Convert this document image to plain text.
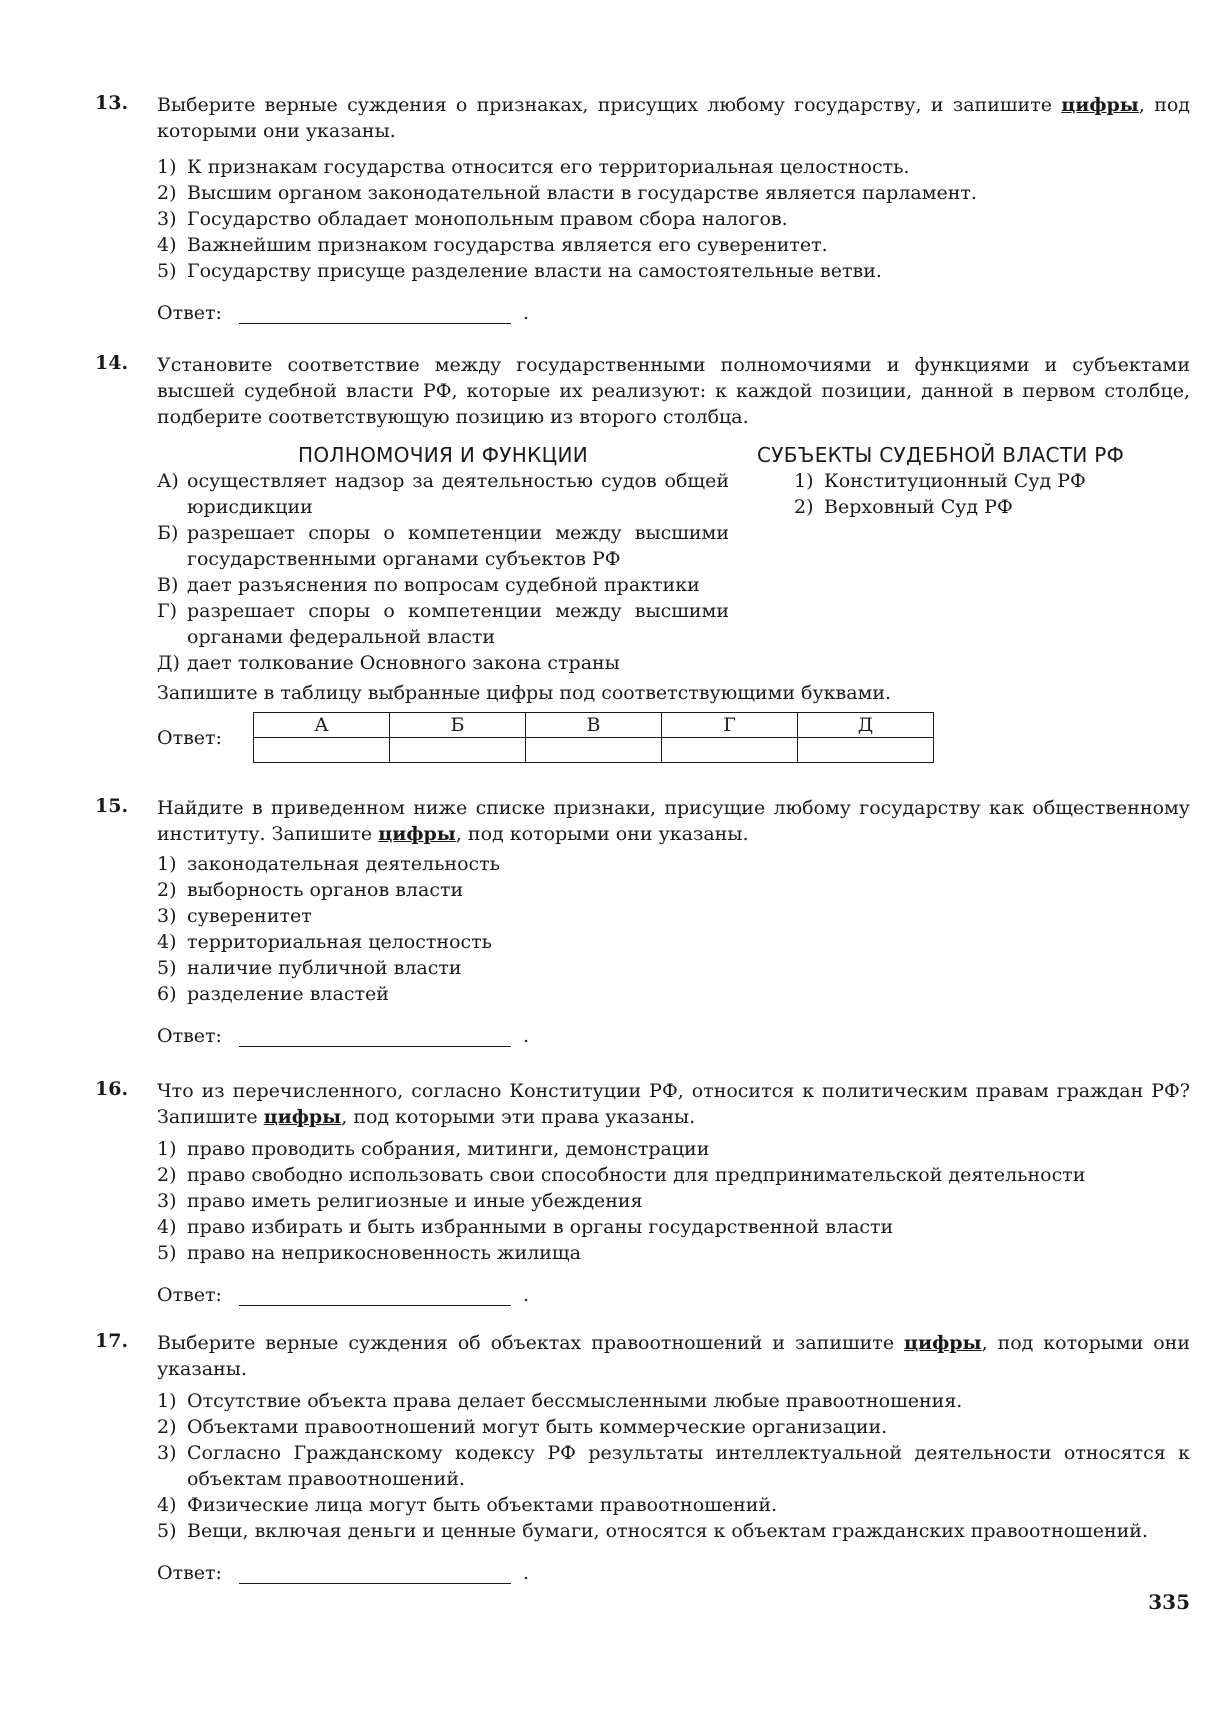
13. Выберите верные суждения о признаках, присущих любому государству, и запишите цифры, под которыми они указаны.

1) К признакам государства относится его территориальная целостность.
2) Высшим органом законодательной власти в государстве является парламент.
3) Государство обладает монопольным правом сбора налогов.
4) Важнейшим признаком государства является его суверенитет.
5) Государству присуще разделение власти на самостоятельные ветви.
Ответ:	.
14. Установите соответствие между государственными полномочиями и функциями и субъектами высшей судебной власти РФ, которые их реализуют: к каждой позиции, данной в первом столбце, подберите соответствующую позицию из второго столбца.

ПОЛНОМОЧИЯ И ФУНКЦИИ
А) осуществляет надзор за деятельностью судов общей юрисдикции
Б) разрешает споры о компетенции между высшими государственными органами субъектов РФ
В) дает разъяснения по вопросам судебной практики
Г) разрешает споры о компетенции между высшими органами федеральной власти
Д) дает толкование Основного закона страны
СУБЪЕКТЫ СУДЕБНОЙ ВЛАСТИ РФ
1) Конституционный Суд РФ
2) Верховный Суд РФ
Запишите в таблицу выбранные цифры под соответствующими буквами.
Ответ:
А	Б	В	Г	Д

15. Найдите в приведенном ниже списке признаки, присущие любому государству как общественному институту. Запишите цифры, под которыми они указаны.

1) законодательная деятельность
2) выборность органов власти
3) суверенитет
4) территориальная целостность
5) наличие публичной власти
6) разделение властей
Ответ:	.
16. Что из перечисленного, согласно Конституции РФ, относится к политическим правам граждан РФ? Запишите цифры, под которыми эти права указаны.

1) право проводить собрания, митинги, демонстрации
2) право свободно использовать свои способности для предпринимательской деятельности
3) право иметь религиозные и иные убеждения
4) право избирать и быть избранными в органы государственной власти
5) право на неприкосновенность жилища
Ответ:	.
17. Выберите верные суждения об объектах правоотношений и запишите цифры, под которыми они указаны.

1) Отсутствие объекта права делает бессмысленными любые правоотношения.
2) Объектами правоотношений могут быть коммерческие организации.
3) Согласно Гражданскому кодексу РФ результаты интеллектуальной деятельности относятся к объектам правоотношений.
4) Физические лица могут быть объектами правоотношений.
5) Вещи, включая деньги и ценные бумаги, относятся к объектам гражданских правоотношений.
Ответ:	.
335
